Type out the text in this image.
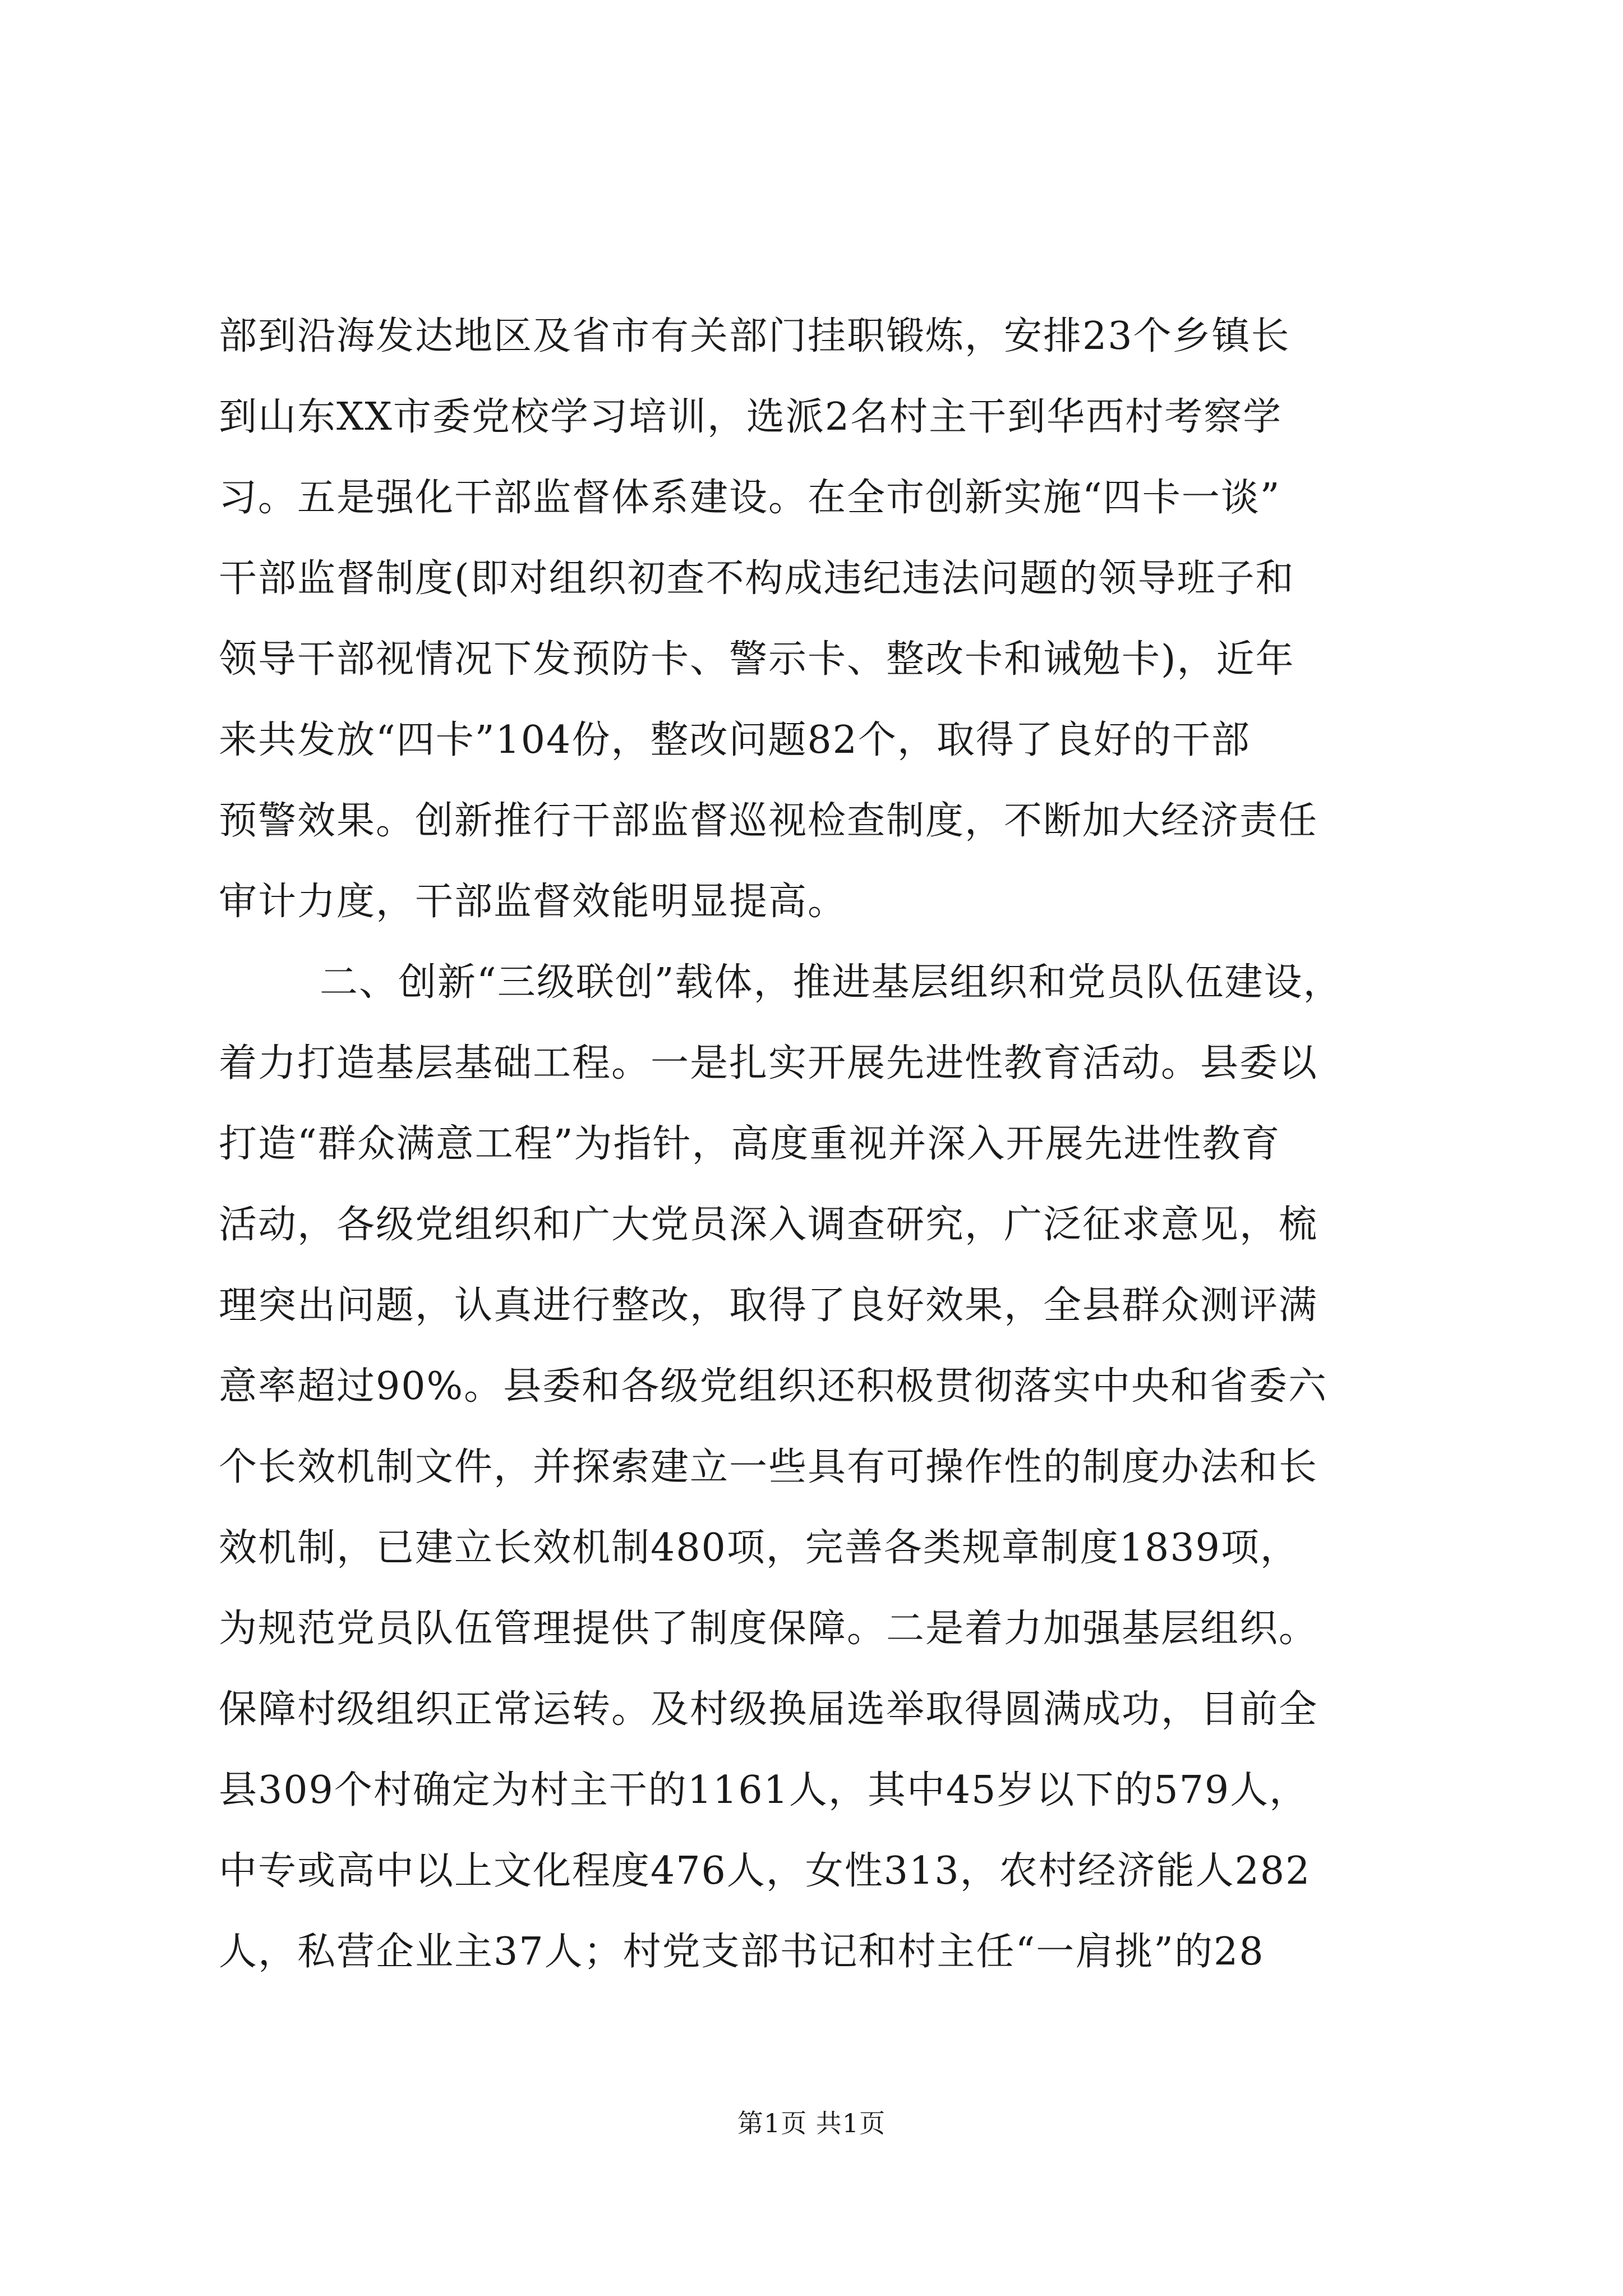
部到沿海发达地区及省市有关部门挂职锻炼，安排23个乡镇长
到山东XX市委党校学习培训，选派2名村主干到华西村考察学
习。五是强化干部监督体系建设。在全市创新实施“四卡一谈”
干部监督制度(即对组织初查不构成违纪违法问题的领导班子和
领导干部视情况下发预防卡、警示卡、整改卡和诫勉卡)，近年
来共发放“四卡”104份，整改问题82个，取得了良好的干部
预警效果。创新推行干部监督巡视检查制度，不断加大经济责任
审计力度，干部监督效能明显提高。
二、创新“三级联创”载体，推进基层组织和党员队伍建设，
着力打造基层基础工程。一是扎实开展先进性教育活动。县委以
打造“群众满意工程”为指针，高度重视并深入开展先进性教育
活动，各级党组织和广大党员深入调查研究，广泛征求意见，梳
理突出问题，认真进行整改，取得了良好效果，全县群众测评满
意率超过90%。县委和各级党组织还积极贯彻落实中央和省委六
个长效机制文件，并探索建立一些具有可操作性的制度办法和长
效机制，已建立长效机制480项，完善各类规章制度1839项，
为规范党员队伍管理提供了制度保障。二是着力加强基层组织。
保障村级组织正常运转。及村级换届选举取得圆满成功，目前全
县309个村确定为村主干的1161人，其中45岁以下的579人，
中专或高中以上文化程度476人，女性313，农村经济能人282
人，私营企业主37人；村党支部书记和村主任“一肩挑”的28
第1页 共1页
